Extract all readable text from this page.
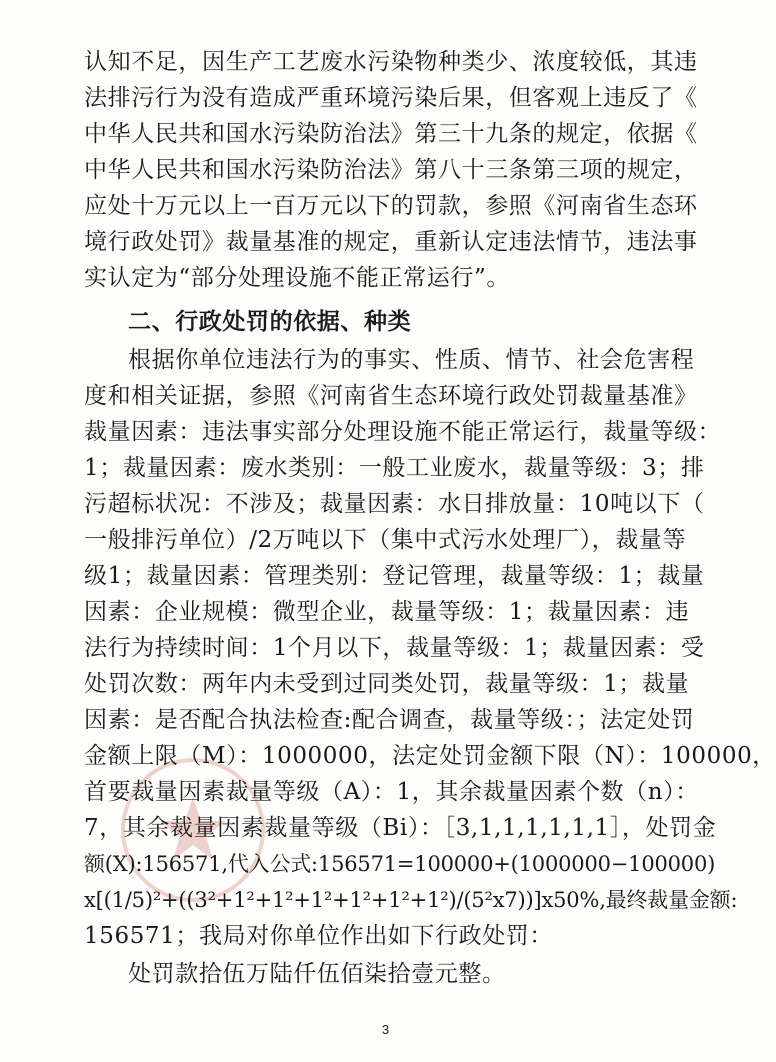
认知不足，因生产工艺废水污染物种类少、浓度较低，其违
法排污行为没有造成严重环境污染后果，但客观上违反了《
中华人民共和国水污染防治法》第三十九条的规定，依据《
中华人民共和国水污染防治法》第八十三条第三项的规定，
应处十万元以上一百万元以下的罚款，参照《河南省生态环
境行政处罚》裁量基准的规定，重新认定违法情节，违法事
实认定为“部分处理设施不能正常运行”。
二、行政处罚的依据、种类
根据你单位违法行为的事实、性质、情节、社会危害程
度和相关证据，参照《河南省生态环境行政处罚裁量基准》
裁量因素：违法事实部分处理设施不能正常运行，裁量等级：
1；裁量因素：废水类别：一般工业废水，裁量等级：3；排
污超标状况：不涉及；裁量因素：水日排放量：10吨以下（
一般排污单位）/2万吨以下（集中式污水处理厂），裁量等
级1；裁量因素：管理类别：登记管理，裁量等级：1；裁量
因素：企业规模：微型企业，裁量等级：1；裁量因素：违
法行为持续时间：1个月以下，裁量等级：1；裁量因素：受
处罚次数：两年内未受到过同类处罚，裁量等级：1；裁量
因素：是否配合执法检查:配合调查，裁量等级：；法定处罚
金额上限（M）：1000000，法定处罚金额下限（N）：100000，
首要裁量因素裁量等级（A）：1，其余裁量因素个数（n）：
7，其余裁量因素裁量等级（Bi）：［3,1,1,1,1,1,1］，处罚金
额(X):156571,代入公式:156571=100000+(1000000−100000)
x[(1/5)²+((3²+1²+1²+1²+1²+1²+1²)/(5²x7))]x50%,最终裁量金额:
156571；我局对你单位作出如下行政处罚：
处罚款拾伍万陆仟伍佰柒拾壹元整。
3
